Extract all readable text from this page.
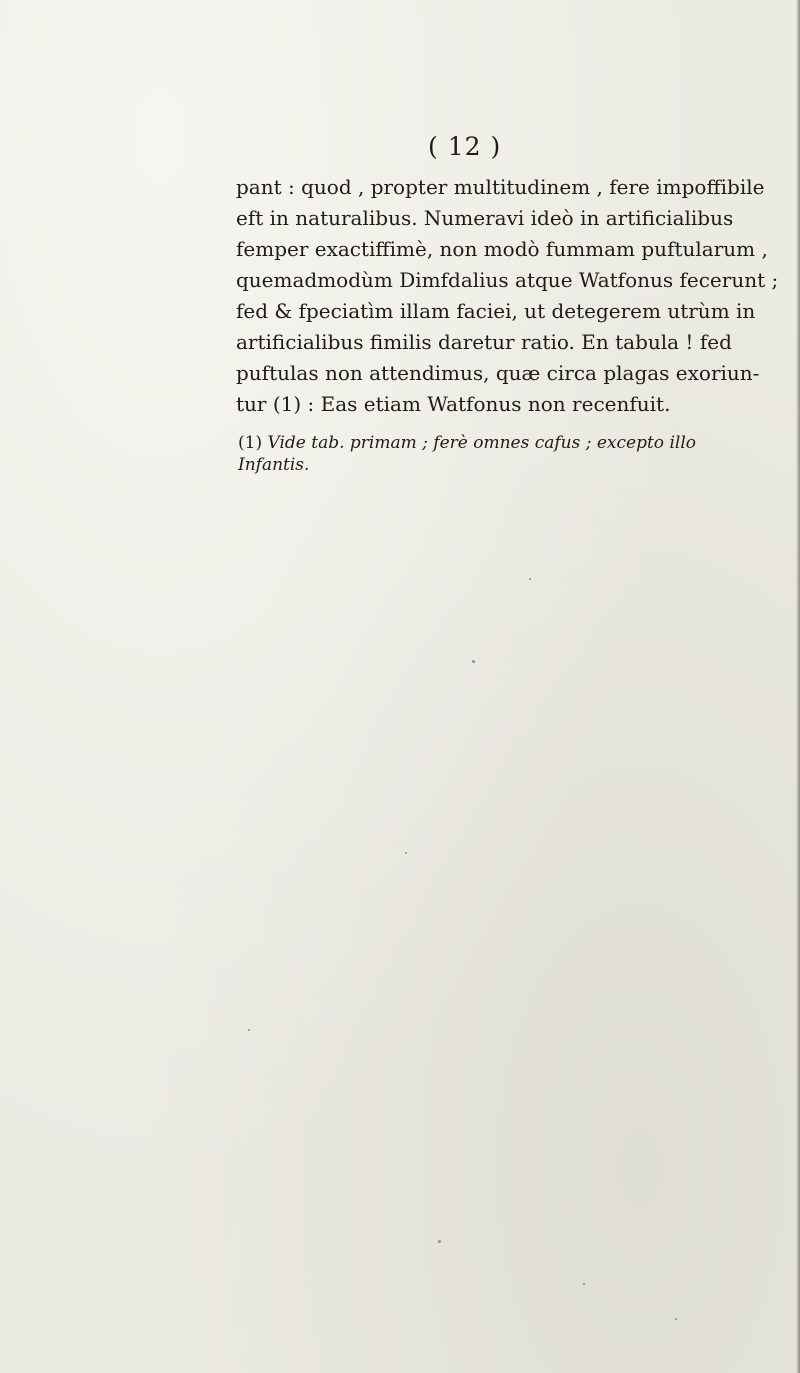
( 12 )

pant : quod , propter multitudinem , fere impoffibile
eft in naturalibus. Numeravi ideò in artificialibus
femper exactiffimè, non modò fummam puftularum ,
quemadmodùm Dimfdalius atque Watfonus fecerunt ;
fed & fpeciatìm illam faciei, ut detegerem utrùm in
artificialibus fimilis daretur ratio. En tabula ! fed
puftulas non attendimus, quæ circa plagas exoriun-
tur (1) : Eas etiam Watfonus non recenfuit.

(1) Vide tab. primam ; ferè omnes cafus ; excepto illo
Infantis.
